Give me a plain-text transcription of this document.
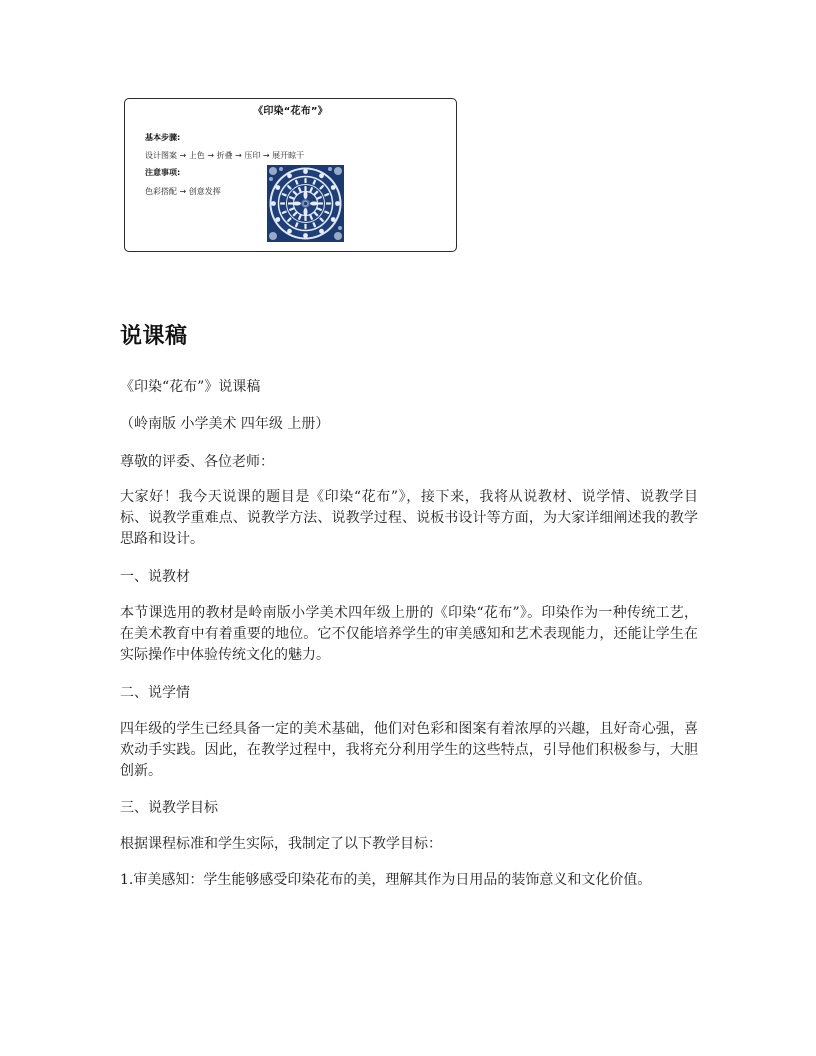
《印染“花布”》

基本步骤:
设计图案 → 上色 → 折叠 → 压印 → 展开晾干
注意事项:
色彩搭配 → 创意发挥
说课稿

《印染“花布”》说课稿

（岭南版 小学美术 四年级 上册）

尊敬的评委、各位老师：

大家好！我今天说课的题目是《印染“花布”》，接下来，我将从说教材、说学情、说教学目标、说教学重难点、说教学方法、说教学过程、说板书设计等方面，为大家详细阐述我的教学思路和设计。

一、说教材

本节课选用的教材是岭南版小学美术四年级上册的《印染“花布”》。印染作为一种传统工艺，在美术教育中有着重要的地位。它不仅能培养学生的审美感知和艺术表现能力，还能让学生在实际操作中体验传统文化的魅力。

二、说学情

四年级的学生已经具备一定的美术基础，他们对色彩和图案有着浓厚的兴趣，且好奇心强，喜欢动手实践。因此，在教学过程中，我将充分利用学生的这些特点，引导他们积极参与，大胆创新。

三、说教学目标

根据课程标准和学生实际，我制定了以下教学目标：

1.审美感知：学生能够感受印染花布的美，理解其作为日用品的装饰意义和文化价值。
